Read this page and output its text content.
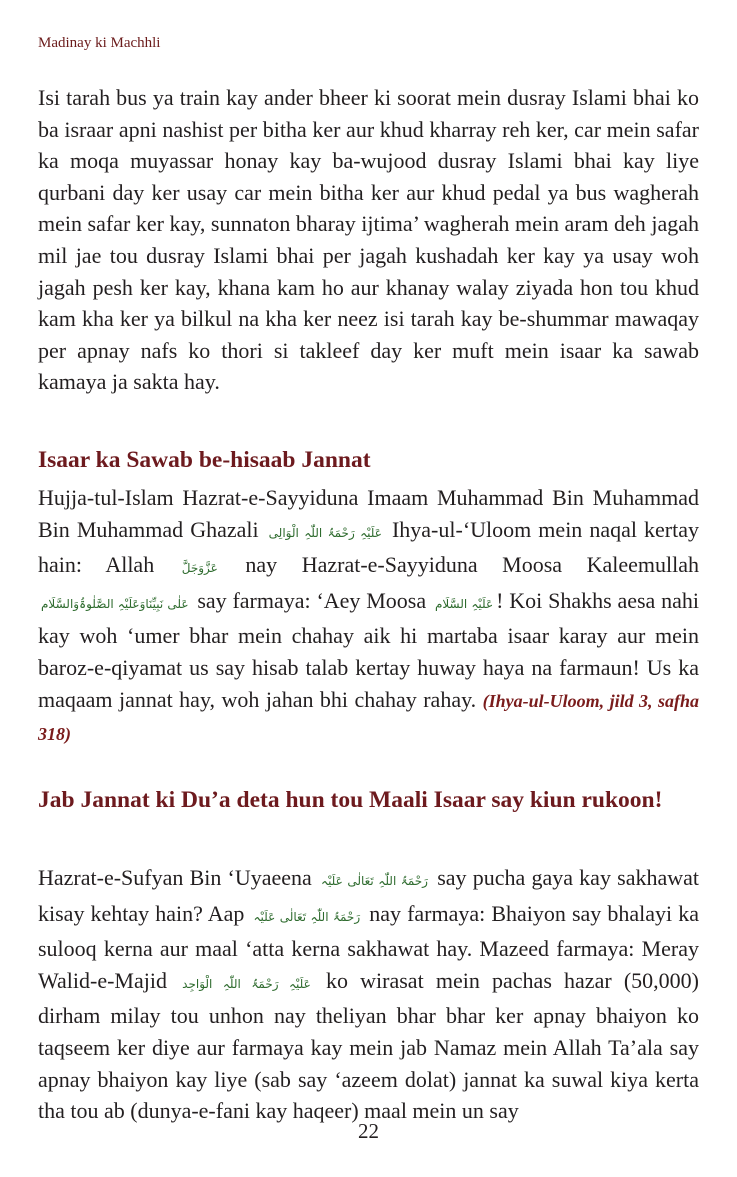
Madinay ki Machhli

Isi tarah bus ya train kay ander bheer ki soorat mein dusray Islami bhai ko ba israar apni nashist per bitha ker aur khud kharray reh ker, car mein safar ka moqa muyassar honay kay ba-wujood dusray Islami bhai kay liye qurbani day ker usay car mein bitha ker aur khud pedal ya bus wagherah mein safar ker kay, sunnaton bharay ijtima’ wagherah mein aram deh jagah mil jae tou dusray Islami bhai per jagah kushadah ker kay ya usay woh jagah pesh ker kay, khana kam ho aur khanay walay ziyada hon tou khud kam kha ker ya bilkul na kha ker neez isi tarah kay be-shummar mawaqay per apnay nafs ko thori si takleef day ker muft mein isaar ka sawab kamaya ja sakta hay.

Isaar ka Sawab be-hisaab Jannat

Hujja-tul-Islam Hazrat-e-Sayyiduna Imaam Muhammad Bin Muhammad Bin Muhammad Ghazali عَلَیْہِ رَحْمَۃُ اللّٰہِ الْوَالِی Ihya-ul-‘Uloom mein naqal kertay hain: Allah عَزَّوَجَلَّ nay Hazrat-e-Sayyiduna Moosa Kaleemullah عَلٰی نَبِیِّنَاوَعَلَیْہِ الصَّلٰوۃُوَالسَّلَام say farmaya: ‘Aey Moosa عَلَیْہِ السَّلَام ! Koi Shakhs aesa nahi kay woh ‘umer bhar mein chahay aik hi martaba isaar karay aur mein baroz-e-qiyamat us say hisab talab kertay huway haya na farmaun! Us ka maqaam jannat hay, woh jahan bhi chahay rahay. (Ihya-ul-Uloom, jild 3, safha 318)

Jab Jannat ki Du’a deta hun tou Maali Isaar say kiun rukoon!

Hazrat-e-Sufyan Bin ‘Uyaeena رَحْمَۃُ اللّٰہِ تَعَالٰی عَلَیْہ say pucha gaya kay sakhawat kisay kehtay hain? Aap رَحْمَۃُ اللّٰہِ تَعَالٰی عَلَیْہ nay farmaya: Bhaiyon say bhalayi ka sulooq kerna aur maal ‘atta kerna sakhawat hay. Mazeed farmaya: Meray Walid-e-Majid عَلَیْہِ رَحْمَۃُ اللّٰہِ الْوَاجِد ko wirasat mein pachas hazar (50,000) dirham milay tou unhon nay theliyan bhar bhar ker apnay bhaiyon ko taqseem ker diye aur farmaya kay mein jab Namaz mein Allah Ta’ala say apnay bhaiyon kay liye (sab say ‘azeem dolat) jannat ka suwal kiya kerta tha tou ab (dunya-e-fani kay haqeer) maal mein un say

22
